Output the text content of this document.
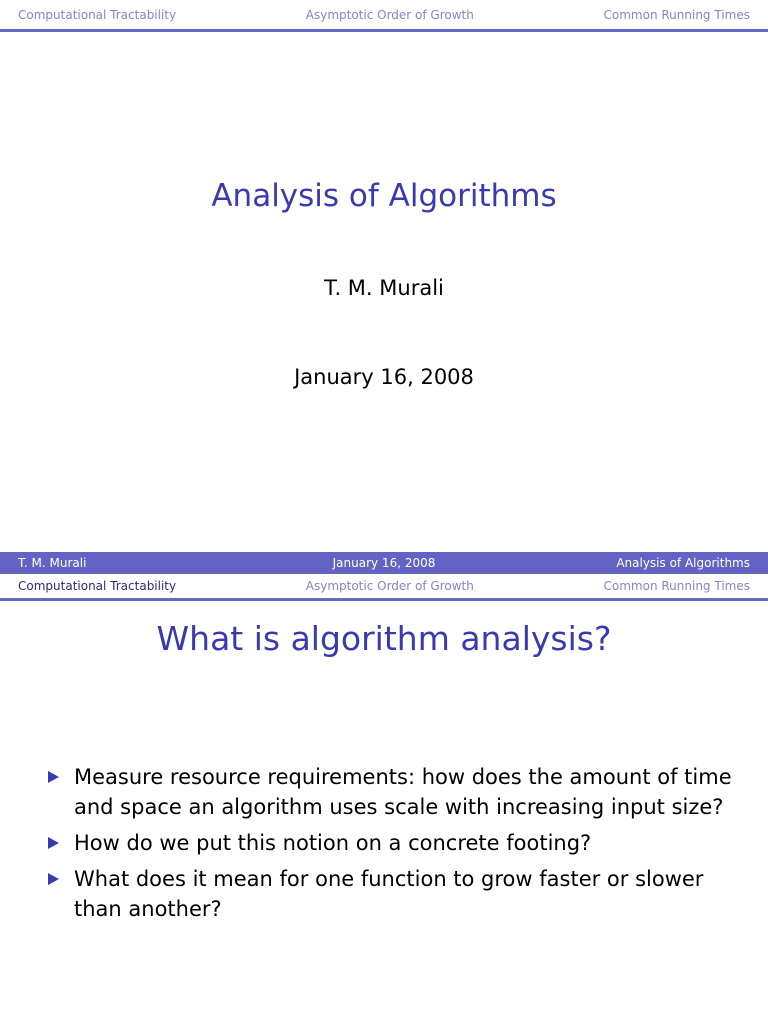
Computational Tractability	Asymptotic Order of Growth	Common Running Times
Analysis of Algorithms
T. M. Murali
January 16, 2008
T. M. Murali	January 16, 2008	Analysis of Algorithms
Computational Tractability	Asymptotic Order of Growth	Common Running Times
What is algorithm analysis?
Measure resource requirements: how does the amount of time and space an algorithm uses scale with increasing input size?
How do we put this notion on a concrete footing?
What does it mean for one function to grow faster or slower than another?
